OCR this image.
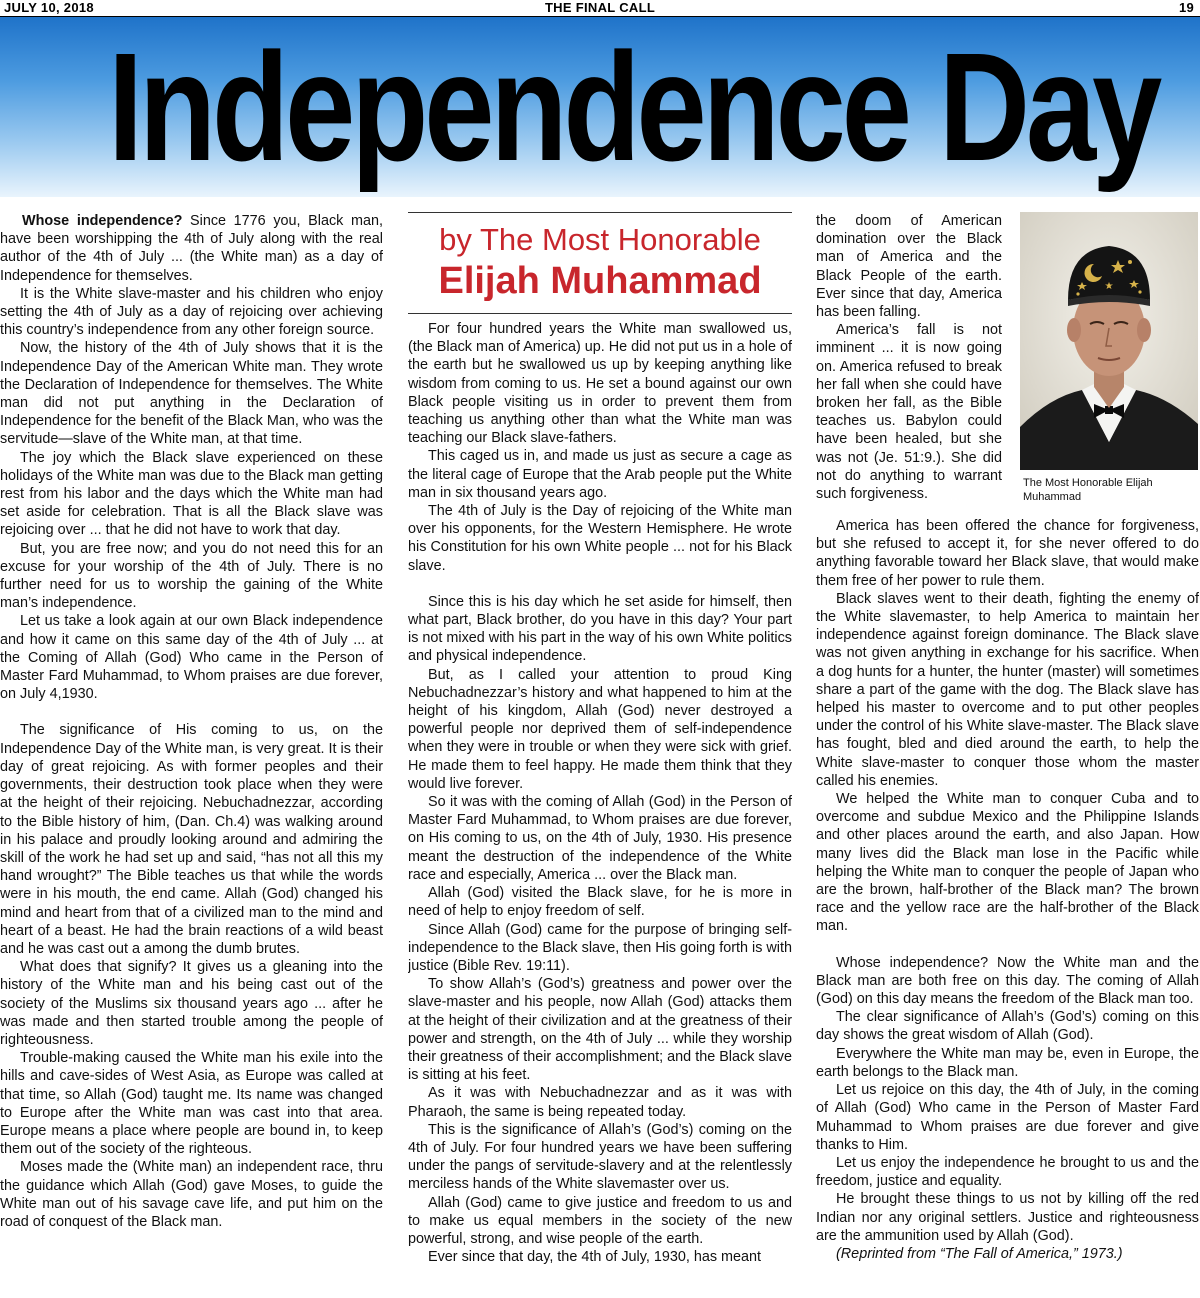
JULY 10, 2018	THE FINAL CALL	19
Independence Day

Whose independence? Since 1776 you, Black man, have been worshipping the 4th of July along with the real author of the 4th of July ... (the White man) as a day of Independence for themselves.

It is the White slave-master and his children who enjoy setting the 4th of July as a day of rejoicing over achieving this country’s independence from any other foreign source.

Now, the history of the 4th of July shows that it is the Independence Day of the American White man. They wrote the Declaration of Independence for themselves. The White man did not put anything in the Declaration of Independence for the benefit of the Black Man, who was the servitude—slave of the White man, at that time.

The joy which the Black slave experienced on these holidays of the White man was due to the Black man getting rest from his labor and the days which the White man had set aside for celebration. That is all the Black slave was rejoicing over ... that he did not have to work that day.

But, you are free now; and you do not need this for an excuse for your worship of the 4th of July. There is no further need for us to worship the gaining of the White man’s independence.

Let us take a look again at our own Black independence and how it came on this same day of the 4th of July ... at the Coming of Allah (God) Who came in the Person of Master Fard Muhammad, to Whom praises are due forever, on July 4,1930.

The significance of His coming to us, on the Independence Day of the White man, is very great. It is their day of great rejoicing. As with former peoples and their governments, their destruction took place when they were at the height of their rejoicing. Nebuchadnezzar, according to the Bible history of him, (Dan. Ch.4) was walking around in his palace and proudly looking around and admiring the skill of the work he had set up and said, “has not all this my hand wrought?” The Bible teaches us that while the words were in his mouth, the end came. Allah (God) changed his mind and heart from that of a civilized man to the mind and heart of a beast. He had the brain reactions of a wild beast and he was cast out a among the dumb brutes.

What does that signify? It gives us a gleaning into the history of the White man and his being cast out of the society of the Muslims six thousand years ago ... after he was made and then started trouble among the people of righteousness.

Trouble-making caused the White man his exile into the hills and cave-sides of West Asia, as Europe was called at that time, so Allah (God) taught me. Its name was changed to Europe after the White man was cast into that area. Europe means a place where people are bound in, to keep them out of the society of the righteous.

Moses made the (White man) an independent race, thru the guidance which Allah (God) gave Moses, to guide the White man out of his savage cave life, and put him on the road of conquest of the Black man.

by The Most Honorable
Elijah Muhammad

For four hundred years the White man swallowed us, (the Black man of America) up. He did not put us in a hole of the earth but he swallowed us up by keeping anything like wisdom from coming to us. He set a bound against our own Black people visiting us in order to prevent them from teaching us anything other than what the White man was teaching our Black slave-fathers.

This caged us in, and made us just as secure a cage as the literal cage of Europe that the Arab people put the White man in six thousand years ago.

The 4th of July is the Day of rejoicing of the White man over his opponents, for the Western Hemisphere. He wrote his Constitution for his own White people ... not for his Black slave.

Since this is his day which he set aside for himself, then what part, Black brother, do you have in this day? Your part is not mixed with his part in the way of his own White politics and physical independence.

But, as I called your attention to proud King Nebuchadnezzar’s history and what happened to him at the height of his kingdom, Allah (God) never destroyed a powerful people nor deprived them of self-independence when they were in trouble or when they were sick with grief. He made them to feel happy. He made them think that they would live forever.

So it was with the coming of Allah (God) in the Person of Master Fard Muhammad, to Whom praises are due forever, on His coming to us, on the 4th of July, 1930. His presence meant the destruction of the independence of the White race and especially, America ... over the Black man.

Allah (God) visited the Black slave, for he is more in need of help to enjoy freedom of self.

Since Allah (God) came for the purpose of bringing self-independence to the Black slave, then His going forth is with justice (Bible Rev. 19:11).

To show Allah’s (God’s) greatness and power over the slave-master and his people, now Allah (God) attacks them at the height of their civilization and at the greatness of their power and strength, on the 4th of July ... while they worship their greatness of their accomplishment; and the Black slave is sitting at his feet.

As it was with Nebuchadnezzar and as it was with Pharaoh, the same is being repeated today.

This is the significance of Allah’s (God’s) coming on the 4th of July. For four hundred years we have been suffering under the pangs of servitude-slavery and at the relentlessly merciless hands of the White slavemaster over us.

Allah (God) came to give justice and freedom to us and to make us equal members in the society of the new powerful, strong, and wise people of the earth.

Ever since that day, the 4th of July, 1930, has meant

the doom of American domination over the Black man of America and the Black People of the earth. Ever since that day, America has been falling.

America’s fall is not imminent ... it is now going on. America refused to break her fall when she could have broken her fall, as the Bible teaches us. Babylon could have been healed, but she was not (Je. 51:9.). She did not do anything to warrant such forgiveness.

The Most Honorable Elijah Muhammad

America has been offered the chance for forgiveness, but she refused to accept it, for she never offered to do anything favorable toward her Black slave, that would make them free of her power to rule them.

Black slaves went to their death, fighting the enemy of the White slavemaster, to help America to maintain her independence against foreign dominance. The Black slave was not given anything in exchange for his sacrifice. When a dog hunts for a hunter, the hunter (master) will sometimes share a part of the game with the dog. The Black slave has helped his master to overcome and to put other peoples under the control of his White slave-master. The Black slave has fought, bled and died around the earth, to help the White slave-master to conquer those whom the master called his enemies.

We helped the White man to conquer Cuba and to overcome and subdue Mexico and the Philippine Islands and other places around the earth, and also Japan. How many lives did the Black man lose in the Pacific while helping the White man to conquer the people of Japan who are the brown, half-brother of the Black man? The brown race and the yellow race are the half-brother of the Black man.

Whose independence? Now the White man and the Black man are both free on this day. The coming of Allah (God) on this day means the freedom of the Black man too.

The clear significance of Allah’s (God’s) coming on this day shows the great wisdom of Allah (God).

Everywhere the White man may be, even in Europe, the earth belongs to the Black man.

Let us rejoice on this day, the 4th of July, in the coming of Allah (God) Who came in the Person of Master Fard Muhammad to Whom praises are due forever and give thanks to Him.

Let us enjoy the independence he brought to us and the freedom, justice and equality.

He brought these things to us not by killing off the red Indian nor any original settlers. Justice and righteousness are the ammunition used by Allah (God).

(Reprinted from “The Fall of America,” 1973.)
